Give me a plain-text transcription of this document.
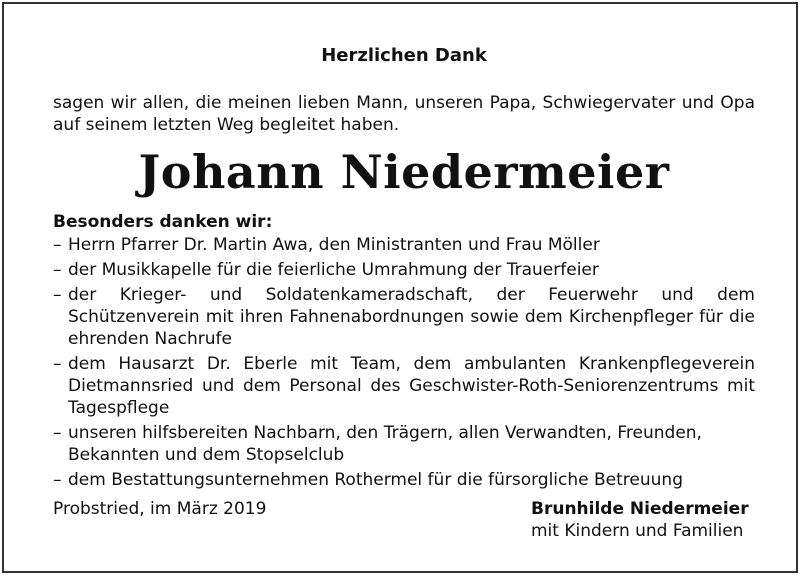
Herzlichen Dank
sagen wir allen, die meinen lieben Mann, unseren Papa, Schwiegervater und Opa
auf seinem letzten Weg begleitet haben.
Johann Niedermeier
Besonders danken wir:
– Herrn Pfarrer Dr. Martin Awa, den Ministranten und Frau Möller
– der Musikkapelle für die feierliche Umrahmung der Trauerfeier
– der Krieger- und Soldatenkameradschaft, der Feuerwehr und dem Schützenverein mit ihren Fahnenabordnungen sowie dem Kirchenpfleger für die ehrenden Nachrufe
– dem Hausarzt Dr. Eberle mit Team, dem ambulanten Krankenpflegeverein Dietmannsried und dem Personal des Geschwister-Roth-Seniorenzentrums mit Tagespflege
– unseren hilfsbereiten Nachbarn, den Trägern, allen Verwandten, Freunden, Bekannten und dem Stopselclub
– dem Bestattungsunternehmen Rothermel für die fürsorgliche Betreuung
Probstried, im März 2019	Brunhilde Niedermeier
mit Kindern und Familien
